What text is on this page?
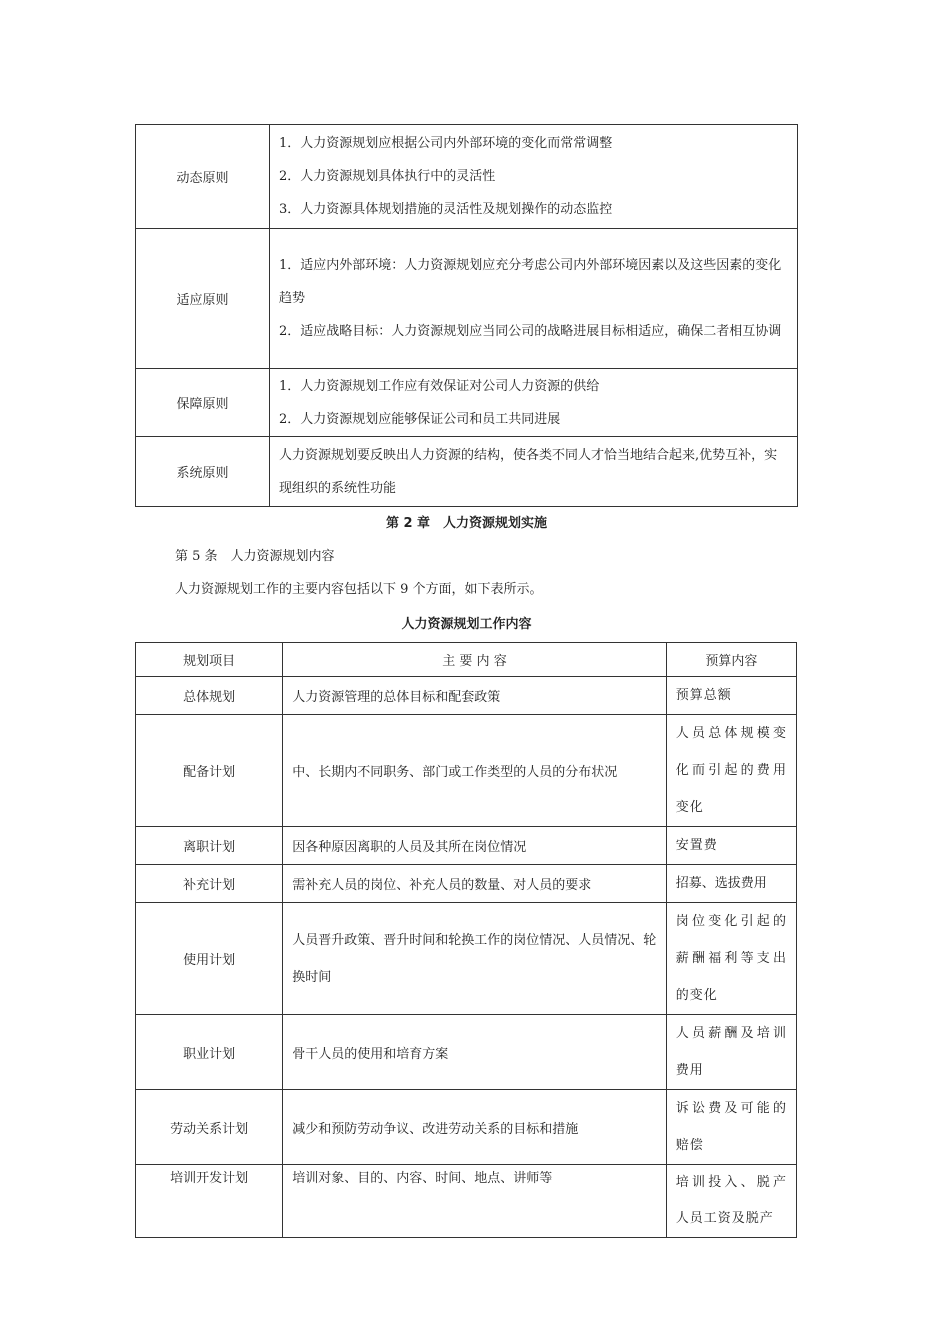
动态原则	1．人力资源规划应根据公司内外部环境的变化而常常调整
2．人力资源规划具体执行中的灵活性
3．人力资源具体规划措施的灵活性及规划操作的动态监控

适应原则	1．适应内外部环境：人力资源规划应充分考虑公司内外部环境因素以及这些因素的变化趋势
2．适应战略目标：人力资源规划应当同公司的战略进展目标相适应，确保二者相互协调

保障原则	1．人力资源规划工作应有效保证对公司人力资源的供给
2．人力资源规划应能够保证公司和员工共同进展

系统原则	人力资源规划要反映出人力资源的结构，使各类不同人才恰当地结合起来,优势互补，实现组织的系统性功能
第 2 章　人力资源规划实施
第 5 条　人力资源规划内容
人力资源规划工作的主要内容包括以下 9 个方面，如下表所示。
人力资源规划工作内容
规划项目	主 要 内 容	预算内容
总体规划	人力资源管理的总体目标和配套政策	预算总额
配备计划	中、长期内不同职务、部门或工作类型的人员的分布状况	人员总体规模变化而引起的费用变化
离职计划	因各种原因离职的人员及其所在岗位情况	安置费
补充计划	需补充人员的岗位、补充人员的数量、对人员的要求	招募、选拔费用
使用计划	人员晋升政策、晋升时间和轮换工作的岗位情况、人员情况、轮换时间	岗位变化引起的薪酬福利等支出的变化
职业计划	骨干人员的使用和培育方案	人员薪酬及培训费用
劳动关系计划	减少和预防劳动争议、改进劳动关系的目标和措施	诉讼费及可能的赔偿
培训开发计划	培训对象、目的、内容、时间、地点、讲师等	培训投入、脱产人员工资及脱产
